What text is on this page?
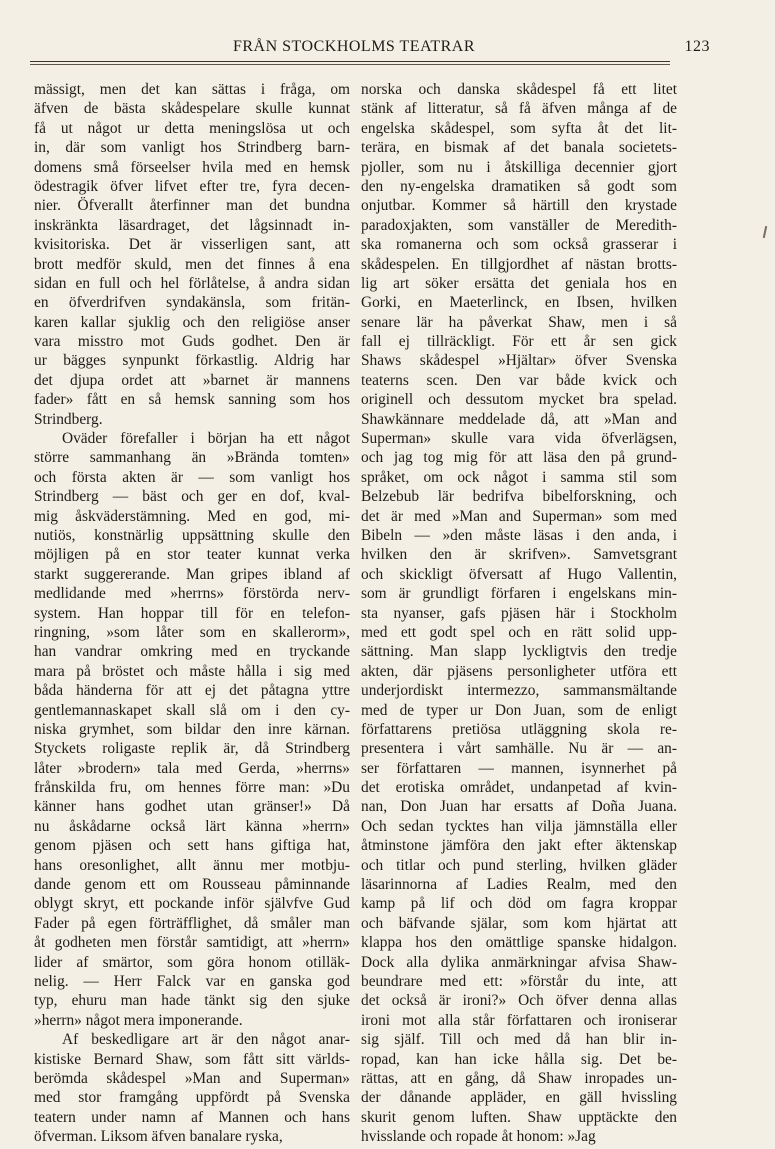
FRÅN STOCKHOLMS TEATRAR	123
mässigt, men det kan sättas i fråga, om
äfven de bästa skådespelare skulle kunnat
få ut något ur detta meningslösa ut och
in, där som vanligt hos Strindberg barn-
domens små förseelser hvila med en hemsk
ödestragik öfver lifvet efter tre, fyra decen-
nier. Öfverallt återfinner man det bundna
inskränkta läsardraget, det lågsinnadt in-
kvisitoriska. Det är visserligen sant, att
brott medför skuld, men det finnes å ena
sidan en full och hel förlåtelse, å andra sidan
en öfverdrifven syndakänsla, som fritän-
karen kallar sjuklig och den religiöse anser
vara misstro mot Guds godhet. Den är
ur bägges synpunkt förkastlig. Aldrig har
det djupa ordet att »barnet är mannens
fader» fått en så hemsk sanning som hos
Strindberg.
Oväder förefaller i början ha ett något
större sammanhang än »Brända tomten»
och första akten är — som vanligt hos
Strindberg — bäst och ger en dof, kval-
mig åskväderstämning. Med en god, mi-
nutiös, konstnärlig uppsättning skulle den
möjligen på en stor teater kunnat verka
starkt suggererande. Man gripes ibland af
medlidande med »herrns» förstörda nerv-
system. Han hoppar till för en telefon-
ringning, »som låter som en skallerorm»,
han vandrar omkring med en tryckande
mara på bröstet och måste hålla i sig med
båda händerna för att ej det påtagna yttre
gentlemannaskapet skall slå om i den cy-
niska grymhet, som bildar den inre kärnan.
Styckets roligaste replik är, då Strindberg
låter »brodern» tala med Gerda, »herrns»
frånskilda fru, om hennes förre man: »Du
känner hans godhet utan gränser!» Då
nu åskådarne också lärt känna »herrn»
genom pjäsen och sett hans giftiga hat,
hans oresonlighet, allt ännu mer motbju-
dande genom ett om Rousseau påminnande
oblygt skryt, ett pockande inför självfve Gud
Fader på egen förträfflighet, då småler man
åt godheten men förstår samtidigt, att »herrn»
lider af smärtor, som göra honom otilläk-
nelig. — Herr Falck var en ganska god
typ, ehuru man hade tänkt sig den sjuke
»herrn» något mera imponerande.
Af beskedligare art är den något anar-
kistiske Bernard Shaw, som fått sitt världs-
berömda skådespel »Man and Superman»
med stor framgång uppfördt på Svenska
teatern under namn af Mannen och hans
öfverman. Liksom äfven banalare ryska,
norska och danska skådespel få ett litet
stänk af litteratur, så få äfven många af de
engelska skådespel, som syfta åt det lit-
terära, en bismak af det banala societets-
pjoller, som nu i åtskilliga decennier gjort
den ny-engelska dramatiken så godt som
onjutbar. Kommer så härtill den krystade
paradoxjakten, som vanställer de Meredith-
ska romanerna och som också grasserar i
skådespelen. En tillgjordhet af nästan brotts-
lig art söker ersätta det geniala hos en
Gorki, en Maeterlinck, en Ibsen, hvilken
senare lär ha påverkat Shaw, men i så
fall ej tillräckligt. För ett år sen gick
Shaws skådespel »Hjältar» öfver Svenska
teaterns scen. Den var både kvick och
originell och dessutom mycket bra spelad.
Shawkännare meddelade då, att »Man and
Superman» skulle vara vida öfverlägsen,
och jag tog mig för att läsa den på grund-
språket, om ock något i samma stil som
Belzebub lär bedrifva bibelforskning, och
det är med »Man and Superman» som med
Bibeln — »den måste läsas i den anda, i
hvilken den är skrifven». Samvetsgrant
och skickligt öfversatt af Hugo Vallentin,
som är grundligt förfaren i engelskans min-
sta nyanser, gafs pjäsen här i Stockholm
med ett godt spel och en rätt solid upp-
sättning. Man slapp lyckligtvis den tredje
akten, där pjäsens personligheter utföra ett
underjordiskt intermezzo, sammansmältande
med de typer ur Don Juan, som de enligt
författarens pretiösa utläggning skola re-
presentera i vårt samhälle. Nu är — an-
ser författaren — mannen, isynnerhet på
det erotiska området, undanpetad af kvin-
nan, Don Juan har ersatts af Doña Juana.
Och sedan tycktes han vilja jämnställa eller
åtminstone jämföra den jakt efter äktenskap
och titlar och pund sterling, hvilken gläder
läsarinnorna af Ladies Realm, med den
kamp på lif och död om fagra kroppar
och bäfvande själar, som kom hjärtat att
klappa hos den omättlige spanske hidalgon.
Dock alla dylika anmärkningar afvisa Shaw-
beundrare med ett: »förstår du inte, att
det också är ironi?» Och öfver denna allas
ironi mot alla står författaren och ironiserar
sig själf. Till och med då han blir in-
ropad, kan han icke hålla sig. Det be-
rättas, att en gång, då Shaw inropades un-
der dånande appläder, en gäll hvissling
skurit genom luften. Shaw upptäckte den
hvisslande och ropade åt honom: »Jag
